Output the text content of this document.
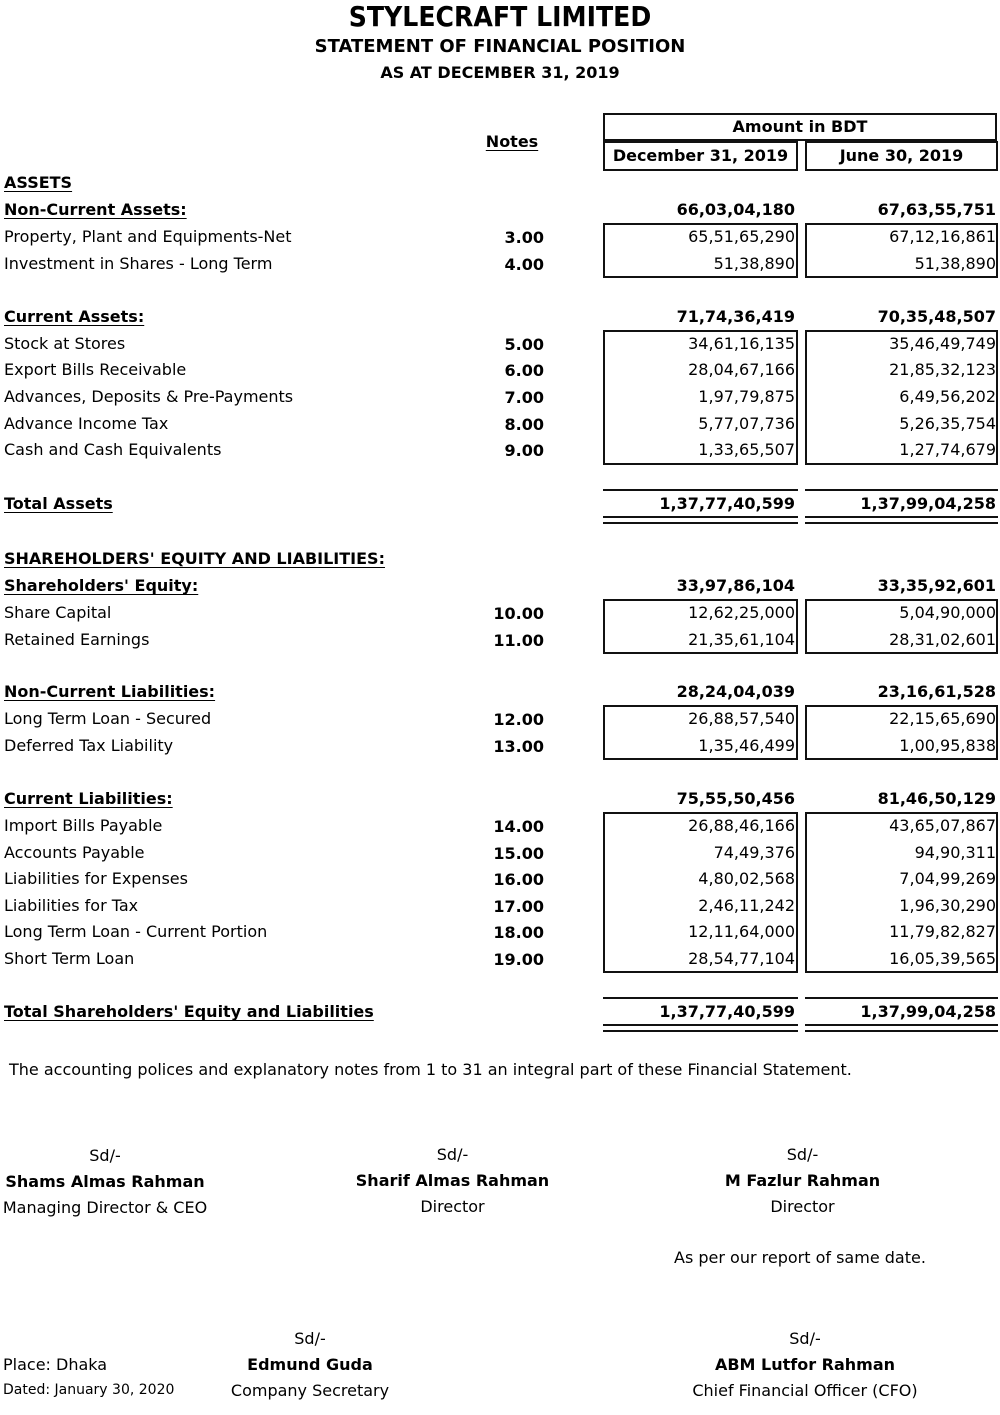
STYLECRAFT LIMITED
STATEMENT OF FINANCIAL POSITION
AS AT DECEMBER 31, 2019
Notes
Amount in BDT
December 31, 2019	June 30, 2019
ASSETS
Non-Current Assets:	66,03,04,180	67,63,55,751
Property, Plant and Equipments-Net	3.00	65,51,65,290	67,12,16,861
Investment in Shares - Long Term	4.00	51,38,890	51,38,890
Current Assets:	71,74,36,419	70,35,48,507
Stock at Stores	5.00	34,61,16,135	35,46,49,749
Export Bills Receivable	6.00	28,04,67,166	21,85,32,123
Advances, Deposits & Pre-Payments	7.00	1,97,79,875	6,49,56,202
Advance Income Tax	8.00	5,77,07,736	5,26,35,754
Cash and Cash Equivalents	9.00	1,33,65,507	1,27,74,679
Total Assets	1,37,77,40,599	1,37,99,04,258
SHAREHOLDERS' EQUITY AND LIABILITIES:
Shareholders' Equity:	33,97,86,104	33,35,92,601
Share Capital	10.00	12,62,25,000	5,04,90,000
Retained Earnings	11.00	21,35,61,104	28,31,02,601
Non-Current Liabilities:	28,24,04,039	23,16,61,528
Long Term Loan - Secured	12.00	26,88,57,540	22,15,65,690
Deferred Tax Liability	13.00	1,35,46,499	1,00,95,838
Current Liabilities:	75,55,50,456	81,46,50,129
Import Bills Payable	14.00	26,88,46,166	43,65,07,867
Accounts Payable	15.00	74,49,376	94,90,311
Liabilities for Expenses	16.00	4,80,02,568	7,04,99,269
Liabilities for Tax	17.00	2,46,11,242	1,96,30,290
Long Term Loan - Current Portion	18.00	12,11,64,000	11,79,82,827
Short Term Loan	19.00	28,54,77,104	16,05,39,565
Total Shareholders' Equity and Liabilities	1,37,77,40,599	1,37,99,04,258
The accounting polices and explanatory notes from 1 to 31 an integral part of these Financial Statement.
Sd/-
Shams Almas Rahman
Managing Director & CEO
Sd/-
Sharif Almas Rahman
Director
Sd/-
M Fazlur Rahman
Director
As per our report of same date.
Place: Dhaka
Dated: January 30, 2020
Sd/-
Edmund Guda
Company Secretary
Sd/-
ABM Lutfor Rahman
Chief Financial Officer (CFO)
